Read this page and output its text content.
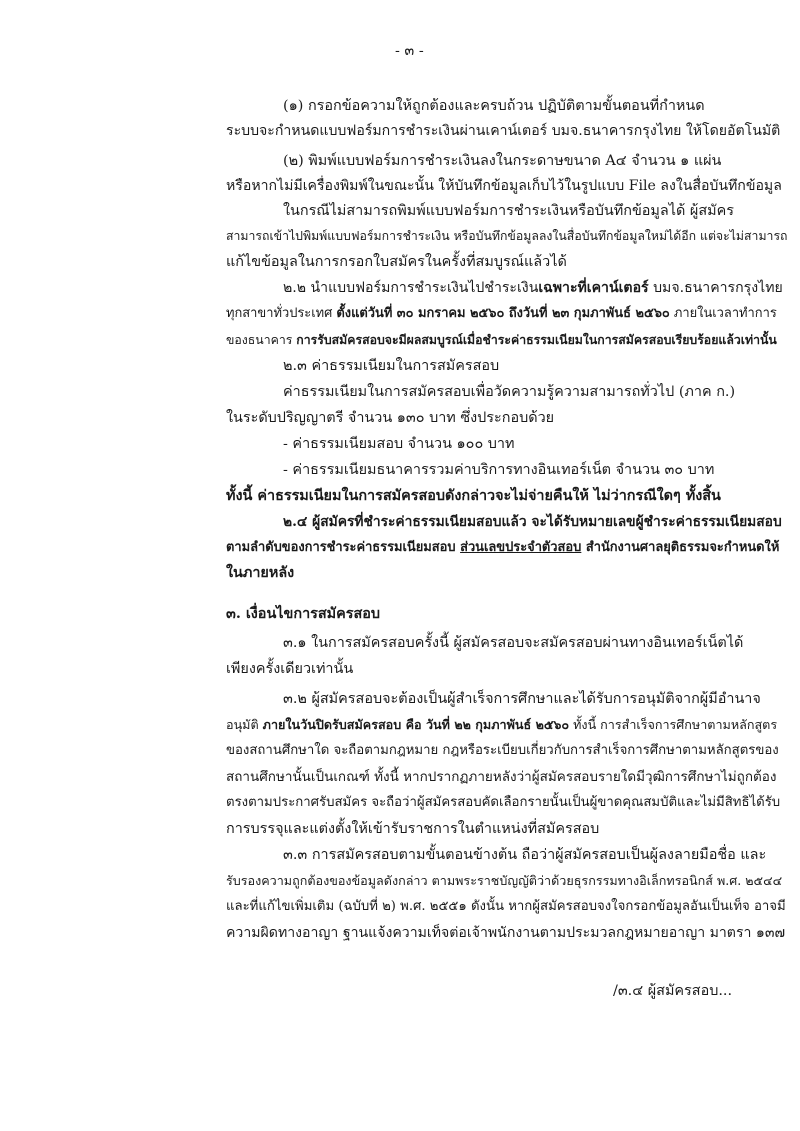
- ๓ -
(๑) กรอกข้อความให้ถูกต้องและครบถ้วน ปฏิบัติตามขั้นตอนที่กำหนด
ระบบจะกำหนดแบบฟอร์มการชำระเงินผ่านเคาน์เตอร์ บมจ.ธนาคารกรุงไทย ให้โดยอัตโนมัติ
(๒) พิมพ์แบบฟอร์มการชำระเงินลงในกระดาษขนาด A๔ จำนวน ๑ แผ่น
หรือหากไม่มีเครื่องพิมพ์ในขณะนั้น ให้บันทึกข้อมูลเก็บไว้ในรูปแบบ File ลงในสื่อบันทึกข้อมูล
ในกรณีไม่สามารถพิมพ์แบบฟอร์มการชำระเงินหรือบันทึกข้อมูลได้ ผู้สมัคร
สามารถเข้าไปพิมพ์แบบฟอร์มการชำระเงิน หรือบันทึกข้อมูลลงในสื่อบันทึกข้อมูลใหม่ได้อีก แต่จะไม่สามารถ
แก้ไขข้อมูลในการกรอกใบสมัครในครั้งที่สมบูรณ์แล้วได้
๒.๒ นำแบบฟอร์มการชำระเงินไปชำระเงินเฉพาะที่เคาน์เตอร์ บมจ.ธนาคารกรุงไทย
ทุกสาขาทั่วประเทศ ตั้งแต่วันที่ ๓๐ มกราคม ๒๕๖๐ ถึงวันที่ ๒๓ กุมภาพันธ์ ๒๕๖๐ ภายในเวลาทำการ
ของธนาคาร การรับสมัครสอบจะมีผลสมบูรณ์เมื่อชำระค่าธรรมเนียมในการสมัครสอบเรียบร้อยแล้วเท่านั้น
๒.๓ ค่าธรรมเนียมในการสมัครสอบ
ค่าธรรมเนียมในการสมัครสอบเพื่อวัดความรู้ความสามารถทั่วไป (ภาค ก.)
ในระดับปริญญาตรี จำนวน ๑๓๐ บาท ซึ่งประกอบด้วย
- ค่าธรรมเนียมสอบ จำนวน ๑๐๐ บาท
- ค่าธรรมเนียมธนาคารรวมค่าบริการทางอินเทอร์เน็ต จำนวน ๓๐ บาท
ทั้งนี้ ค่าธรรมเนียมในการสมัครสอบดังกล่าวจะไม่จ่ายคืนให้ ไม่ว่ากรณีใดๆ ทั้งสิ้น
๒.๔ ผู้สมัครที่ชำระค่าธรรมเนียมสอบแล้ว จะได้รับหมายเลขผู้ชำระค่าธรรมเนียมสอบ
ตามลำดับของการชำระค่าธรรมเนียมสอบ ส่วนเลขประจำตัวสอบ สำนักงานศาลยุติธรรมจะกำหนดให้
ในภายหลัง
๓. เงื่อนไขการสมัครสอบ
๓.๑ ในการสมัครสอบครั้งนี้ ผู้สมัครสอบจะสมัครสอบผ่านทางอินเทอร์เน็ตได้
เพียงครั้งเดียวเท่านั้น
๓.๒ ผู้สมัครสอบจะต้องเป็นผู้สำเร็จการศึกษาและได้รับการอนุมัติจากผู้มีอำนาจ
อนุมัติ ภายในวันปิดรับสมัครสอบ คือ วันที่ ๒๒ กุมภาพันธ์ ๒๕๖๐ ทั้งนี้ การสำเร็จการศึกษาตามหลักสูตร
ของสถานศึกษาใด จะถือตามกฎหมาย กฎหรือระเบียบเกี่ยวกับการสำเร็จการศึกษาตามหลักสูตรของ
สถานศึกษานั้นเป็นเกณฑ์ ทั้งนี้ หากปรากฏภายหลังว่าผู้สมัครสอบรายใดมีวุฒิการศึกษาไม่ถูกต้อง
ตรงตามประกาศรับสมัคร จะถือว่าผู้สมัครสอบคัดเลือกรายนั้นเป็นผู้ขาดคุณสมบัติและไม่มีสิทธิได้รับ
การบรรจุและแต่งตั้งให้เข้ารับราชการในตำแหน่งที่สมัครสอบ
๓.๓ การสมัครสอบตามขั้นตอนข้างต้น ถือว่าผู้สมัครสอบเป็นผู้ลงลายมือชื่อ และ
รับรองความถูกต้องของข้อมูลดังกล่าว ตามพระราชบัญญัติว่าด้วยธุรกรรมทางอิเล็กทรอนิกส์ พ.ศ. ๒๕๔๔
และที่แก้ไขเพิ่มเติม (ฉบับที่ ๒) พ.ศ. ๒๕๕๑ ดังนั้น หากผู้สมัครสอบจงใจกรอกข้อมูลอันเป็นเท็จ อาจมี
ความผิดทางอาญา ฐานแจ้งความเท็จต่อเจ้าพนักงานตามประมวลกฎหมายอาญา มาตรา ๑๓๗
/๓.๔ ผู้สมัครสอบ...
